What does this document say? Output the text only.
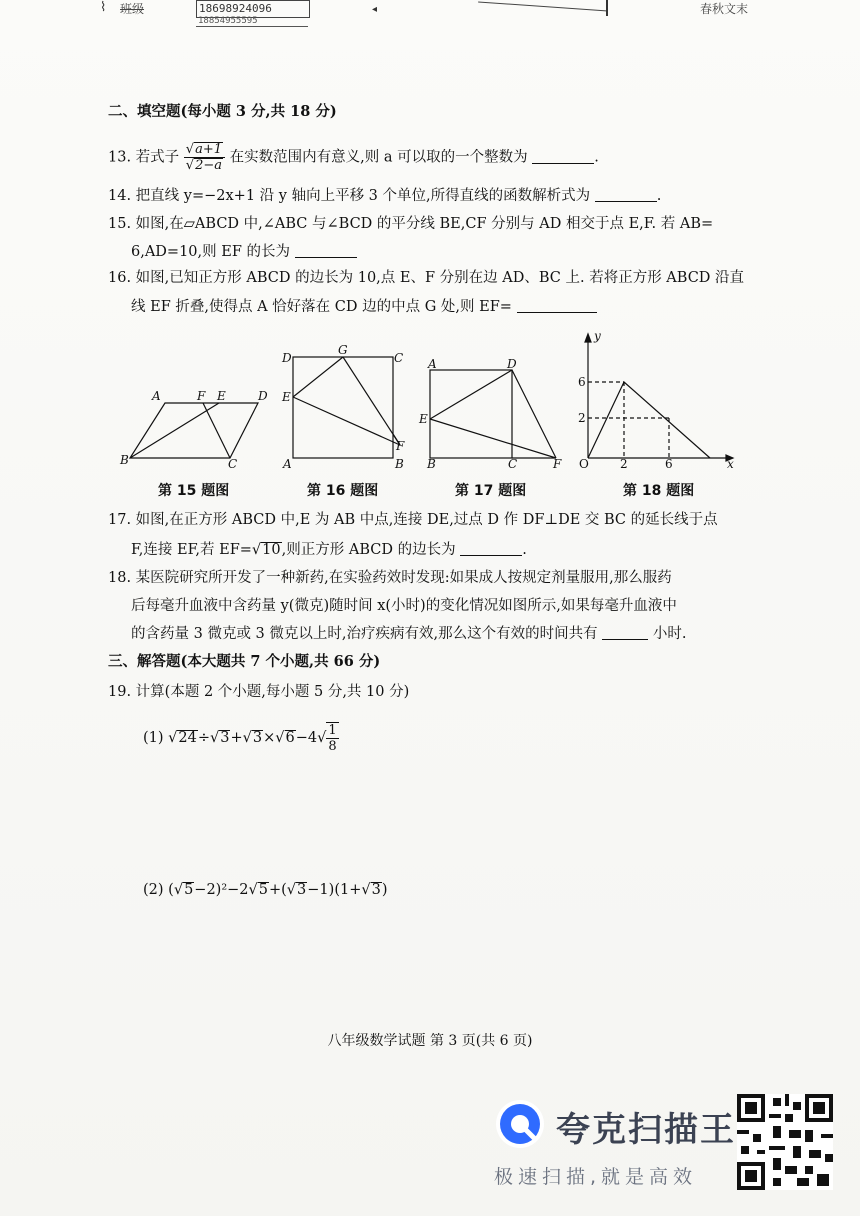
⌇ 班级	18698924096
18854955595
◂	春秋文末
二、填空题(每小题 3 分,共 18 分)
13. 若式子 $\frac{√a+1}{√2-a}$ 在实数范围内有意义,则 a 可以取的一个整数为	.
14. 把直线 y=−2x+1 沿 y 轴向上平移 3 个单位,所得直线的函数解析式为	.
15. 如图,在▱ABCD 中,∠ABC 与∠BCD 的平分线 BE,CF 分别与 AD 相交于点 E,F. 若 AB=
6,AD=10,则 EF 的长为
16. 如图,已知正方形 ABCD 的边长为 10,点 E、F 分别在边 AD、BC 上. 若将正方形 ABCD 沿直
线 EF 折叠,使得点 A 恰好落在 CD 边的中点 G 处,则 EF=
A	F E	D
B	C
D
G
C
E
F
A	B
A	D
E
B	C	F
y
x
O
6
2
2	6
第 15 题图	第 16 题图	第 17 题图	第 18 题图
17. 如图,在正方形 ABCD 中,E 为 AB 中点,连接 DE,过点 D 作 DF⊥DE 交 BC 的延长线于点
F,连接 EF,若 EF=√10,则正方形 ABCD 的边长为	.
18. 某医院研究所开发了一种新药,在实验药效时发现:如果成人按规定剂量服用,那么服药
后每毫升血液中含药量 y(微克)随时间 x(小时)的变化情况如图所示,如果每毫升血液中
的含药量 3 微克或 3 微克以上时,治疗疾病有效,那么这个有效的时间共有	小时.
三、解答题(本大题共 7 个小题,共 66 分)
19. 计算(本题 2 个小题,每小题 5 分,共 10 分)
(1) $√24\div√3+√3\times√6-4√ \frac{1}{8}$
(2) (√5−2)²−2√5+(√3−1)(1+√3)
八年级数学试题 第 3 页(共 6 页)
夸克扫描王
极速扫描,就是高效
